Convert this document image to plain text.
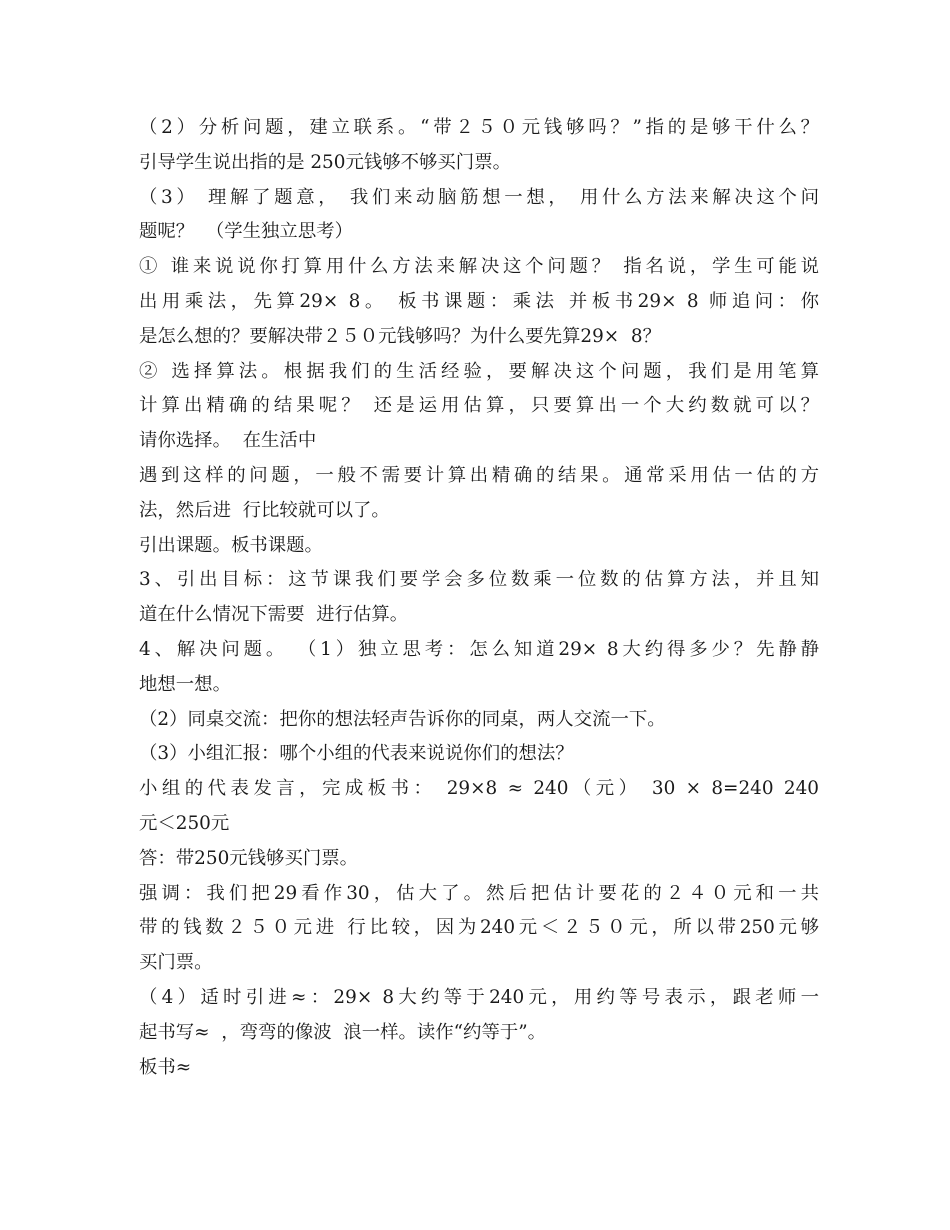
（2）分析问题，建立联系。“带２５０元钱够吗？”指的是够干什么？
引导学生说出指的是 250元钱够不够买门票。
（3） 理解了题意， 我们来动脑筋想一想， 用什么方法来解决这个问
题呢？  （学生独立思考）
① 谁来说说你打算用什么方法来解决这个问题？ 指名说，学生可能说
出用乘法，先算29× 8。 板书课题：乘法 并板书29× 8 师追问：你
是怎么想的？要解决带２５０元钱够吗？为什么要先算29×  8？
② 选择算法。根据我们的生活经验，要解决这个问题，我们是用笔算
计算出精确的结果呢？ 还是运用估算，只要算出一个大约数就可以？
请你选择。  在生活中
遇到这样的问题，一般不需要计算出精确的结果。通常采用估一估的方
法，然后进  行比较就可以了。
引出课题。板书课题。
3、引出目标：这节课我们要学会多位数乘一位数的估算方法，并且知
道在什么情况下需要  进行估算。
4、解决问题。 （1）独立思考：怎么知道29× 8大约得多少？先静静
地想一想。
（2）同桌交流：把你的想法轻声告诉你的同桌，两人交流一下。
（3）小组汇报：哪个小组的代表来说说你们的想法？
小组的代表发言，完成板书： 29×8 ≈ 240（元） 30 × 8=240 240
元＜250元
答：带250元钱够买门票。
强调：我们把29看作30，估大了。然后把估计要花的２４０元和一共
带的钱数２５０元进 行比较，因为240元＜２５０元，所以带250元够
买门票。
（4）适时引进≈：29× 8大约等于240元，用约等号表示，跟老师一
起书写≈  ，弯弯的像波  浪一样。读作“约等于”。
板书≈
